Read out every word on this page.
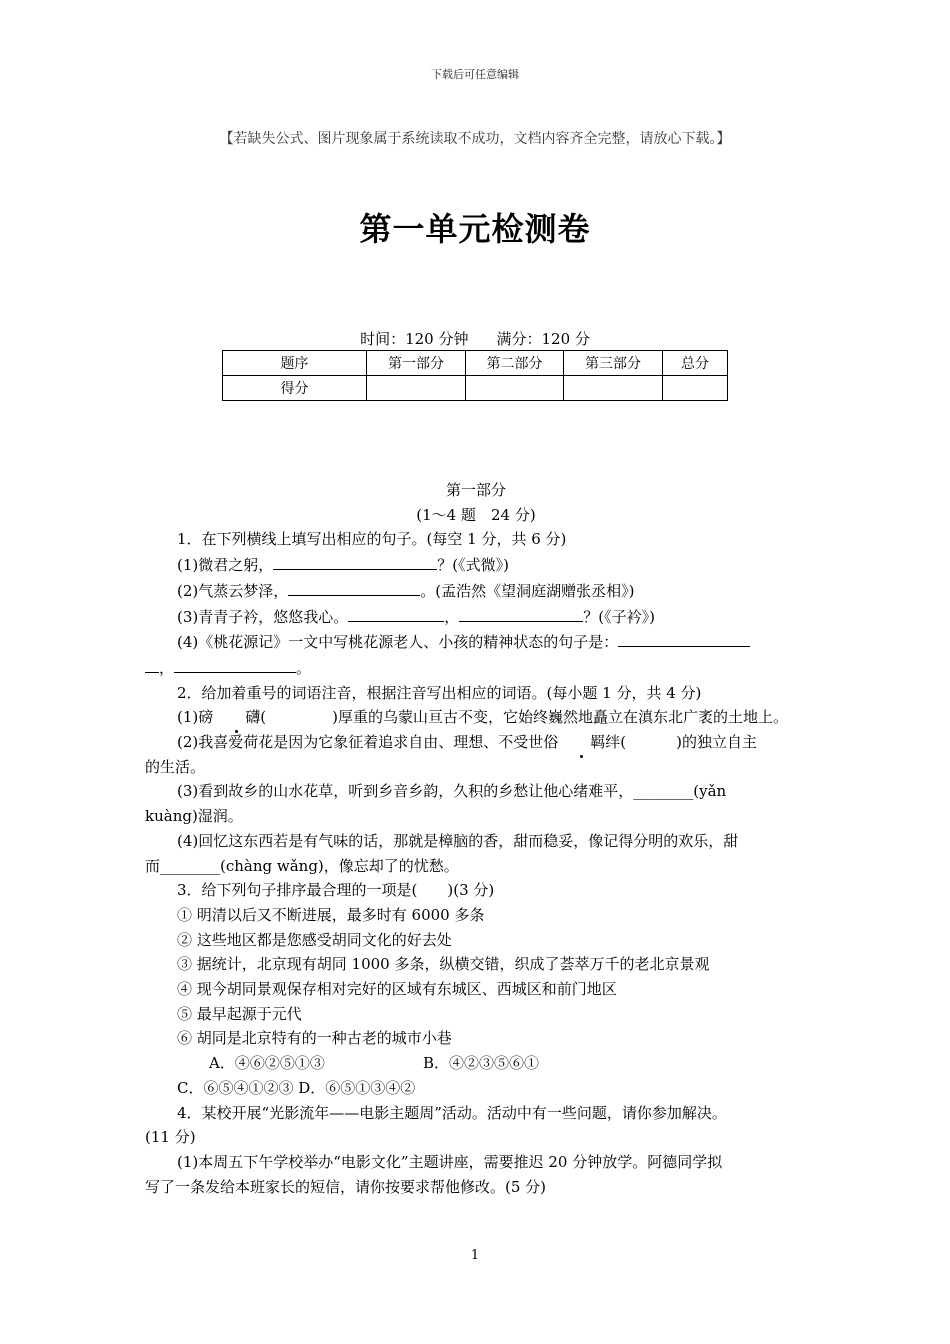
下载后可任意编辑
【若缺失公式、图片现象属于系统读取不成功，文档内容齐全完整，请放心下载。】
第一单元检测卷
时间：120 分钟 满分：120 分
题序	第一部分	第二部分	第三部分	总分
得分				

第一部分

(1～4 题　24 分)

1．在下列横线上填写出相应的句子。(每空 1 分，共 6 分)

(1)微君之躬，	？(《式微》)

(2)气蒸云梦泽，	。(孟浩然《望洞庭湖赠张丞相》)

(3)青青子衿，悠悠我心。	，	？(《子衿》)

(4)《桃花源记》一文中写桃花源老人、小孩的精神状态的句子是：

，	。

2．给加着重号的词语注音，根据注音写出相应的词语。(每小题 1 分，共 4 分)

(1)磅 礴(	)厚重的乌蒙山亘古不变，它始终巍然地矗立在滇东北广袤的土地上。

(2)我喜爱荷花是因为它象征着追求自由、理想、不受世俗 羁绊(	)的独立自主

的生活。

(3)看到故乡的山水花草，听到乡音乡韵，久积的乡愁让他心绪难平，________(yǎn

kuàng)湿润。

(4)回忆这东西若是有气味的话，那就是樟脑的香，甜而稳妥，像记得分明的欢乐，甜

而________(chàng wǎng)，像忘却了的忧愁。

3．给下列句子排序最合理的一项是(　　)(3 分)

① 明清以后又不断进展，最多时有 6000 多条

② 这些地区都是您感受胡同文化的好去处

③ 据统计，北京现有胡同 1000 多条，纵横交错，织成了荟萃万千的老北京景观

④ 现今胡同景观保存相对完好的区域有东城区、西城区和前门地区

⑤ 最早起源于元代

⑥ 胡同是北京特有的一种古老的城市小巷

A．④⑥②⑤①③	B．④②③⑤⑥①

C．⑥⑤④①②③ D．⑥⑤①③④②

4．某校开展“光影流年——电影主题周”活动。活动中有一些问题，请你参加解决。

(11 分)

(1)本周五下午学校举办“电影文化”主题讲座，需要推迟 20 分钟放学。阿德同学拟

写了一条发给本班家长的短信，请你按要求帮他修改。(5 分)

1
